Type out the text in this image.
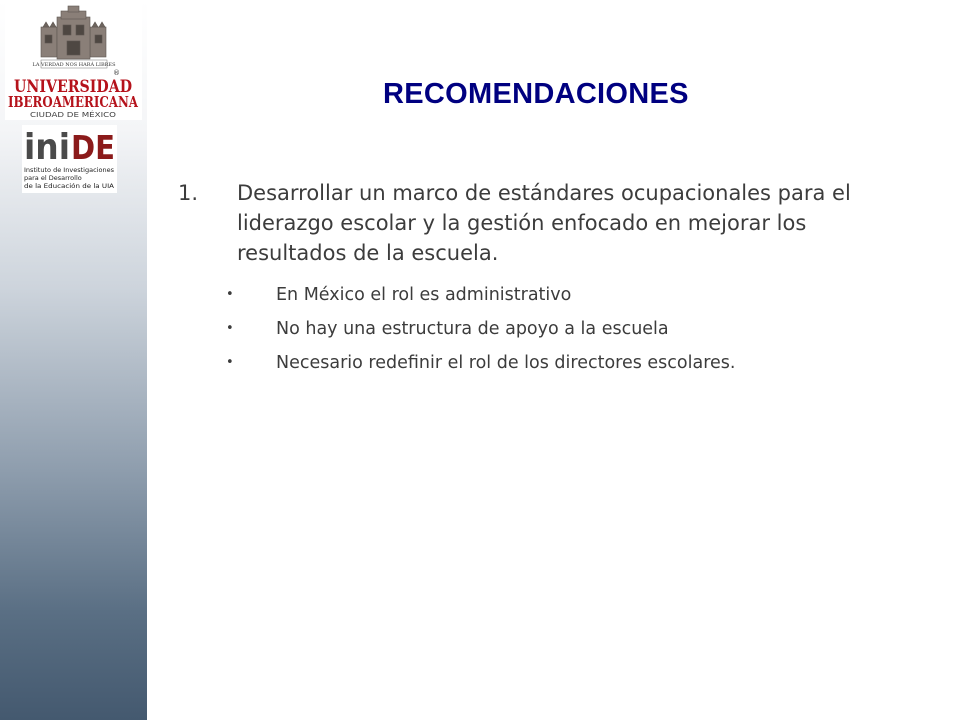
LA VERDAD NOS HARÁ LIBRES
®
UNIVERSIDAD
IBEROAMERICANA
CIUDAD DE MÉXICO
ini DE
Instituto de Investigaciones
para el Desarrollo
de la Educación de la UIA
RECOMENDACIONES
1.	Desarrollar un marco de estándares ocupacionales para el liderazgo escolar y la gestión enfocado en mejorar los resultados de la escuela.
• En México el rol es administrativo
• No hay una estructura de apoyo a la escuela
• Necesario redefinir el rol de los directores escolares.
